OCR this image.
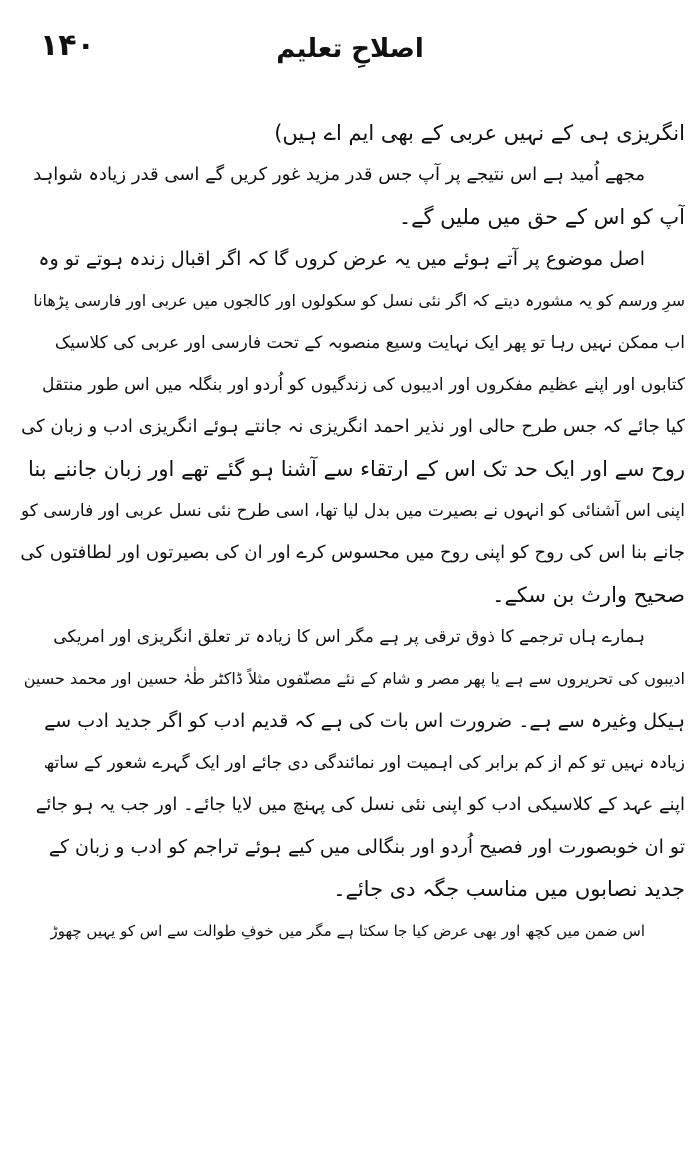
۱۴۰	اصلاحِ تعلیم
انگریزی ہی کے نہیں عربی کے بھی ایم اے ہیں)
مجھے اُمید ہے اس نتیجے پر آپ جس قدر مزید غور کریں گے اسی قدر زیادہ شواہد
آپ کو اس کے حق میں ملیں گے۔
اصل موضوع پر آتے ہوئے میں یہ عرض کروں گا کہ اگر اقبال زندہ ہوتے تو وہ
سرِ ورسم کو یہ مشورہ دیتے کہ اگر نئی نسل کو سکولوں اور کالجوں میں عربی اور فارسی پڑھانا
اب ممکن نہیں رہا تو پھر ایک نہایت وسیع منصوبہ کے تحت فارسی اور عربی کی کلاسیک
کتابوں اور اپنے عظیم مفکروں اور ادیبوں کی زندگیوں کو اُردو اور بنگلہ میں اس طور منتقل
کیا جائے کہ جس طرح حالی اور نذیر احمد انگریزی نہ جانتے ہوئے انگریزی ادب و زبان کی
روح سے اور ایک حد تک اس کے ارتقاء سے آشنا ہو گئے تھے اور زبان جاننے بنا
اپنی اس آشنائی کو انہوں نے بصیرت میں بدل لیا تھا، اسی طرح نئی نسل عربی اور فارسی کو
جانے بنا اس کی روح کو اپنی روح میں محسوس کرے اور ان کی بصیرتوں اور لطافتوں کی
صحیح وارث بن سکے۔
ہمارے ہاں ترجمے کا ذوق ترقی پر ہے مگر اس کا زیادہ تر تعلق انگریزی اور امریکی
ادیبوں کی تحریروں سے ہے یا پھر مصر و شام کے نئے مصنّفوں مثلاً ڈاکٹر طٰہٰ حسین اور محمد حسین
ہیکل وغیرہ سے ہے۔ ضرورت اس بات کی ہے کہ قدیم ادب کو اگر جدید ادب سے
زیادہ نہیں تو کم از کم برابر کی اہمیت اور نمائندگی دی جائے اور ایک گہرے شعور کے ساتھ
اپنے عہد کے کلاسیکی ادب کو اپنی نئی نسل کی پہنچ میں لایا جائے۔ اور جب یہ ہو جائے
تو ان خوبصورت اور فصیح اُردو اور بنگالی میں کیے ہوئے تراجم کو ادب و زبان کے
جدید نصابوں میں مناسب جگہ دی جائے۔
اس ضمن میں کچھ اور بھی عرض کیا جا سکتا ہے مگر میں خوفِ طوالت سے اس کو یہیں چھوڑ
